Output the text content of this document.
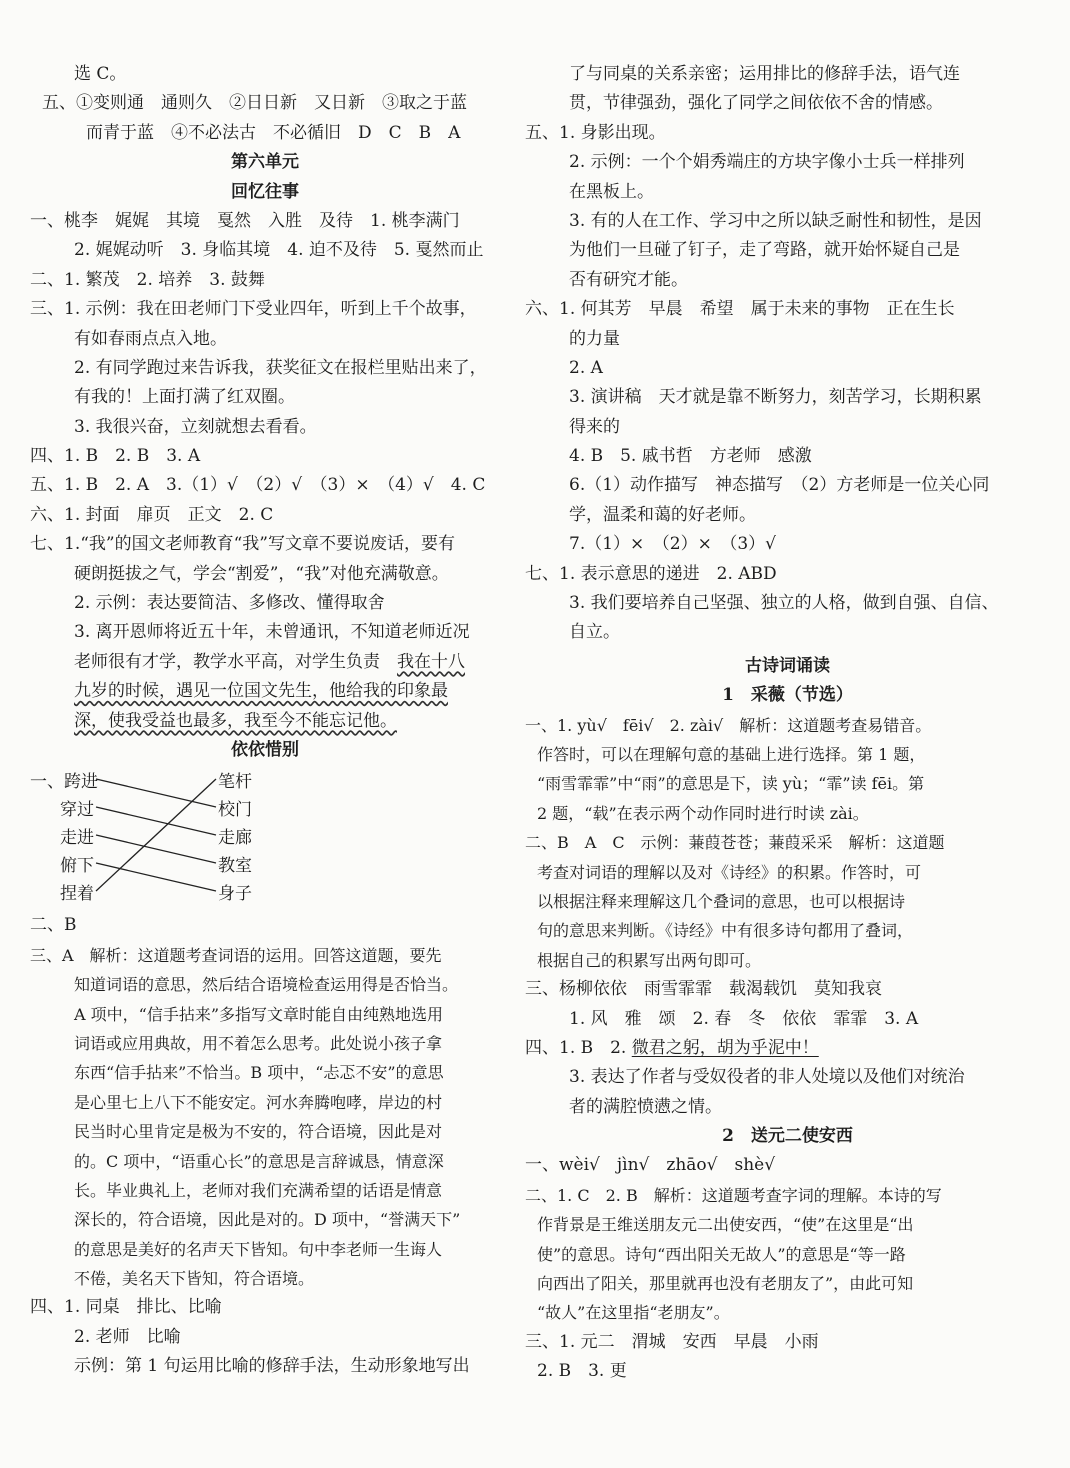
选 C。
五、①变则通　通则久　②日日新　又日新　③取之于蓝
而青于蓝　④不必法古　不必循旧　D　C　B　A
第六单元
回忆往事
一、桃李　娓娓　其境　戛然　入胜　及待　1. 桃李满门
2. 娓娓动听　3. 身临其境　4. 迫不及待　5. 戛然而止
二、1. 繁茂　2. 培养　3. 鼓舞
三、1. 示例：我在田老师门下受业四年，听到上千个故事，
有如春雨点点入地。
2. 有同学跑过来告诉我，获奖征文在报栏里贴出来了，
有我的！上面打满了红双圈。
3. 我很兴奋，立刻就想去看看。
四、1. B　2. B　3. A
五、1. B　2. A　3.（1）√　（2）√　（3）×　（4）√　4. C
六、1. 封面　扉页　正文　2. C
七、1.“我”的国文老师教育“我”写文章不要说废话，要有
硬朗挺拔之气，学会“割爱”，“我”对他充满敬意。
2. 示例：表达要简洁、多修改、懂得取舍
3. 离开恩师将近五十年，未曾通讯，不知道老师近况
老师很有才学，教学水平高，对学生负责　我在十八
九岁的时候，遇见一位国文先生，他给我的印象最
深，使我受益也最多，我至今不能忘记他。
依依惜别
一、跨进
穿过
走进
俯下
捏着
笔杆
校门
走廊
教室
身子
二、B
三、A　解析：这道题考查词语的运用。回答这道题，要先
知道词语的意思，然后结合语境检查运用得是否恰当。
A 项中，“信手拈来”多指写文章时能自由纯熟地选用
词语或应用典故，用不着怎么思考。此处说小孩子拿
东西“信手拈来”不恰当。B 项中，“忐忑不安”的意思
是心里七上八下不能安定。河水奔腾咆哮，岸边的村
民当时心里肯定是极为不安的，符合语境，因此是对
的。C 项中，“语重心长”的意思是言辞诚恳，情意深
长。毕业典礼上，老师对我们充满希望的话语是情意
深长的，符合语境，因此是对的。D 项中，“誉满天下”
的意思是美好的名声天下皆知。句中李老师一生诲人
不倦，美名天下皆知，符合语境。
四、1. 同桌　排比、比喻
2. 老师　比喻
示例：第 1 句运用比喻的修辞手法，生动形象地写出
了与同桌的关系亲密；运用排比的修辞手法，语气连
贯，节律强劲，强化了同学之间依依不舍的情感。
五、1. 身影出现。
2. 示例：一个个娟秀端庄的方块字像小士兵一样排列
在黑板上。
3. 有的人在工作、学习中之所以缺乏耐性和韧性，是因
为他们一旦碰了钉子，走了弯路，就开始怀疑自己是
否有研究才能。
六、1. 何其芳　早晨　希望　属于未来的事物　正在生长
的力量
2. A
3. 演讲稿　天才就是靠不断努力，刻苦学习，长期积累
得来的
4. B　5. 戚书哲　方老师　感激
6.（1）动作描写　神态描写　（2）方老师是一位关心同
学，温柔和蔼的好老师。
7.（1）×　（2）×　（3）√
七、1. 表示意思的递进　2. ABD
3. 我们要培养自己坚强、独立的人格，做到自强、自信、
自立。
古诗词诵读
1　采薇（节选）
一、1. yù√　fēi√　2. zài√　解析：这道题考查易错音。
作答时，可以在理解句意的基础上进行选择。第 1 题，
“雨雪霏霏”中“雨”的意思是下，读 yù；“霏”读 fēi。第
2 题，“载”在表示两个动作同时进行时读 zài。
二、B　A　C　示例：蒹葭苍苍；蒹葭采采　解析：这道题
考查对词语的理解以及对《诗经》的积累。作答时，可
以根据注释来理解这几个叠词的意思，也可以根据诗
句的意思来判断。《诗经》中有很多诗句都用了叠词，
根据自己的积累写出两句即可。
三、杨柳依依　雨雪霏霏　载渴载饥　莫知我哀
1. 风　雅　颂　2. 春　冬　依依　霏霏　3. A
四、1. B　2. 微君之躬，胡为乎泥中！
3. 表达了作者与受奴役者的非人处境以及他们对统治
者的满腔愤懑之情。
2　送元二使安西
一、wèi√　jìn√　zhāo√　shè√
二、1. C　2. B　解析：这道题考查字词的理解。本诗的写
作背景是王维送朋友元二出使安西，“使”在这里是“出
使”的意思。诗句“西出阳关无故人”的意思是“等一路
向西出了阳关，那里就再也没有老朋友了”，由此可知
“故人”在这里指“老朋友”。
三、1. 元二　渭城　安西　早晨　小雨
2. B　3. 更
